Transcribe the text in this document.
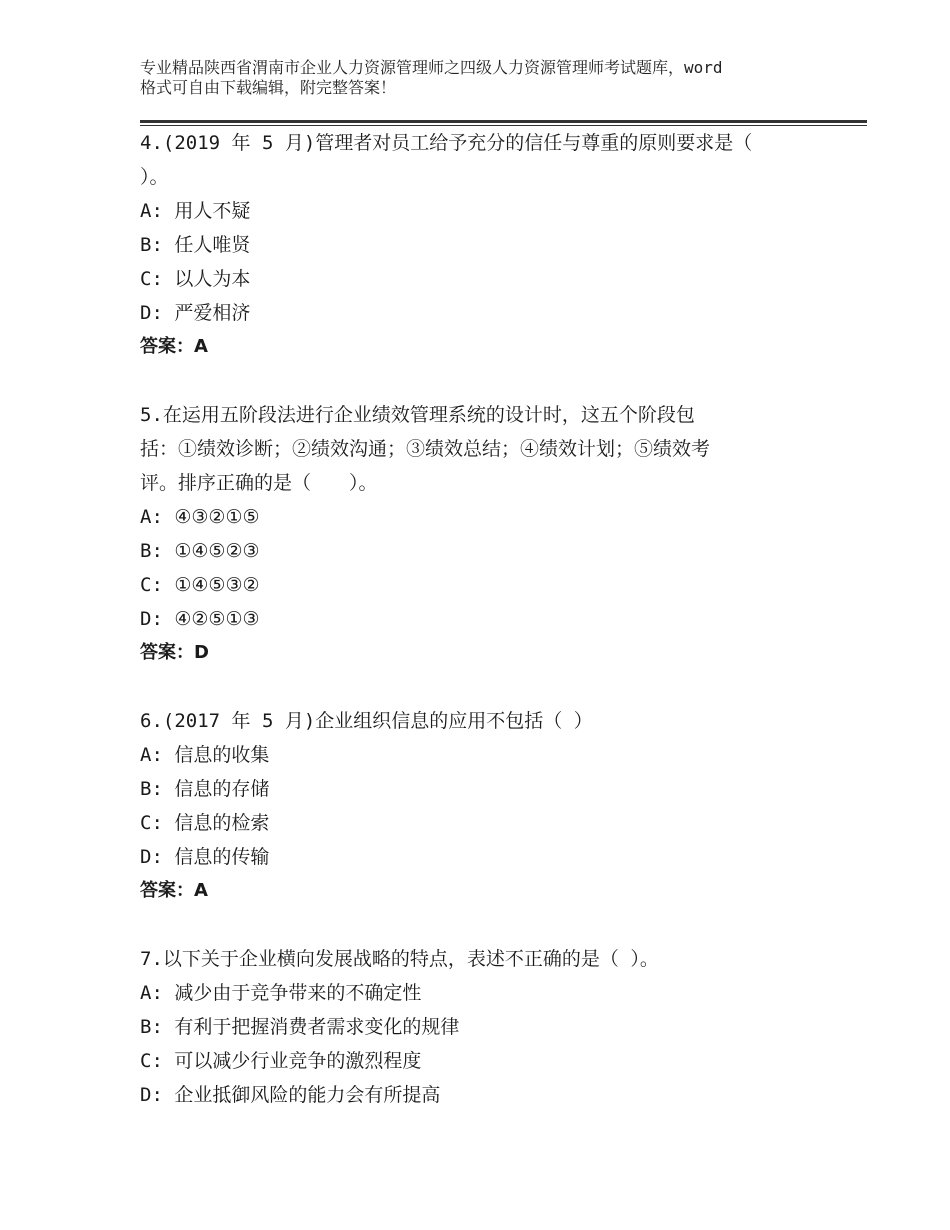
专业精品陕西省渭南市企业人力资源管理师之四级人力资源管理师考试题库，word
格式可自由下载编辑，附完整答案！

4.(2019 年 5 月)管理者对员工给予充分的信任与尊重的原则要求是（

）。

A: 用人不疑

B: 任人唯贤

C: 以人为本

D: 严爱相济

答案：A

5.在运用五阶段法进行企业绩效管理系统的设计时，这五个阶段包

括：①绩效诊断；②绩效沟通；③绩效总结；④绩效计划；⑤绩效考

评。排序正确的是（　　）。

A: ④③②①⑤

B: ①④⑤②③

C: ①④⑤③②

D: ④②⑤①③

答案：D

6.(2017 年 5 月)企业组织信息的应用不包括（ ）

A: 信息的收集

B: 信息的存储

C: 信息的检索

D: 信息的传输

答案：A

7.以下关于企业横向发展战略的特点，表述不正确的是（ ）。

A: 减少由于竞争带来的不确定性

B: 有利于把握消费者需求变化的规律

C: 可以减少行业竞争的激烈程度

D: 企业抵御风险的能力会有所提高
